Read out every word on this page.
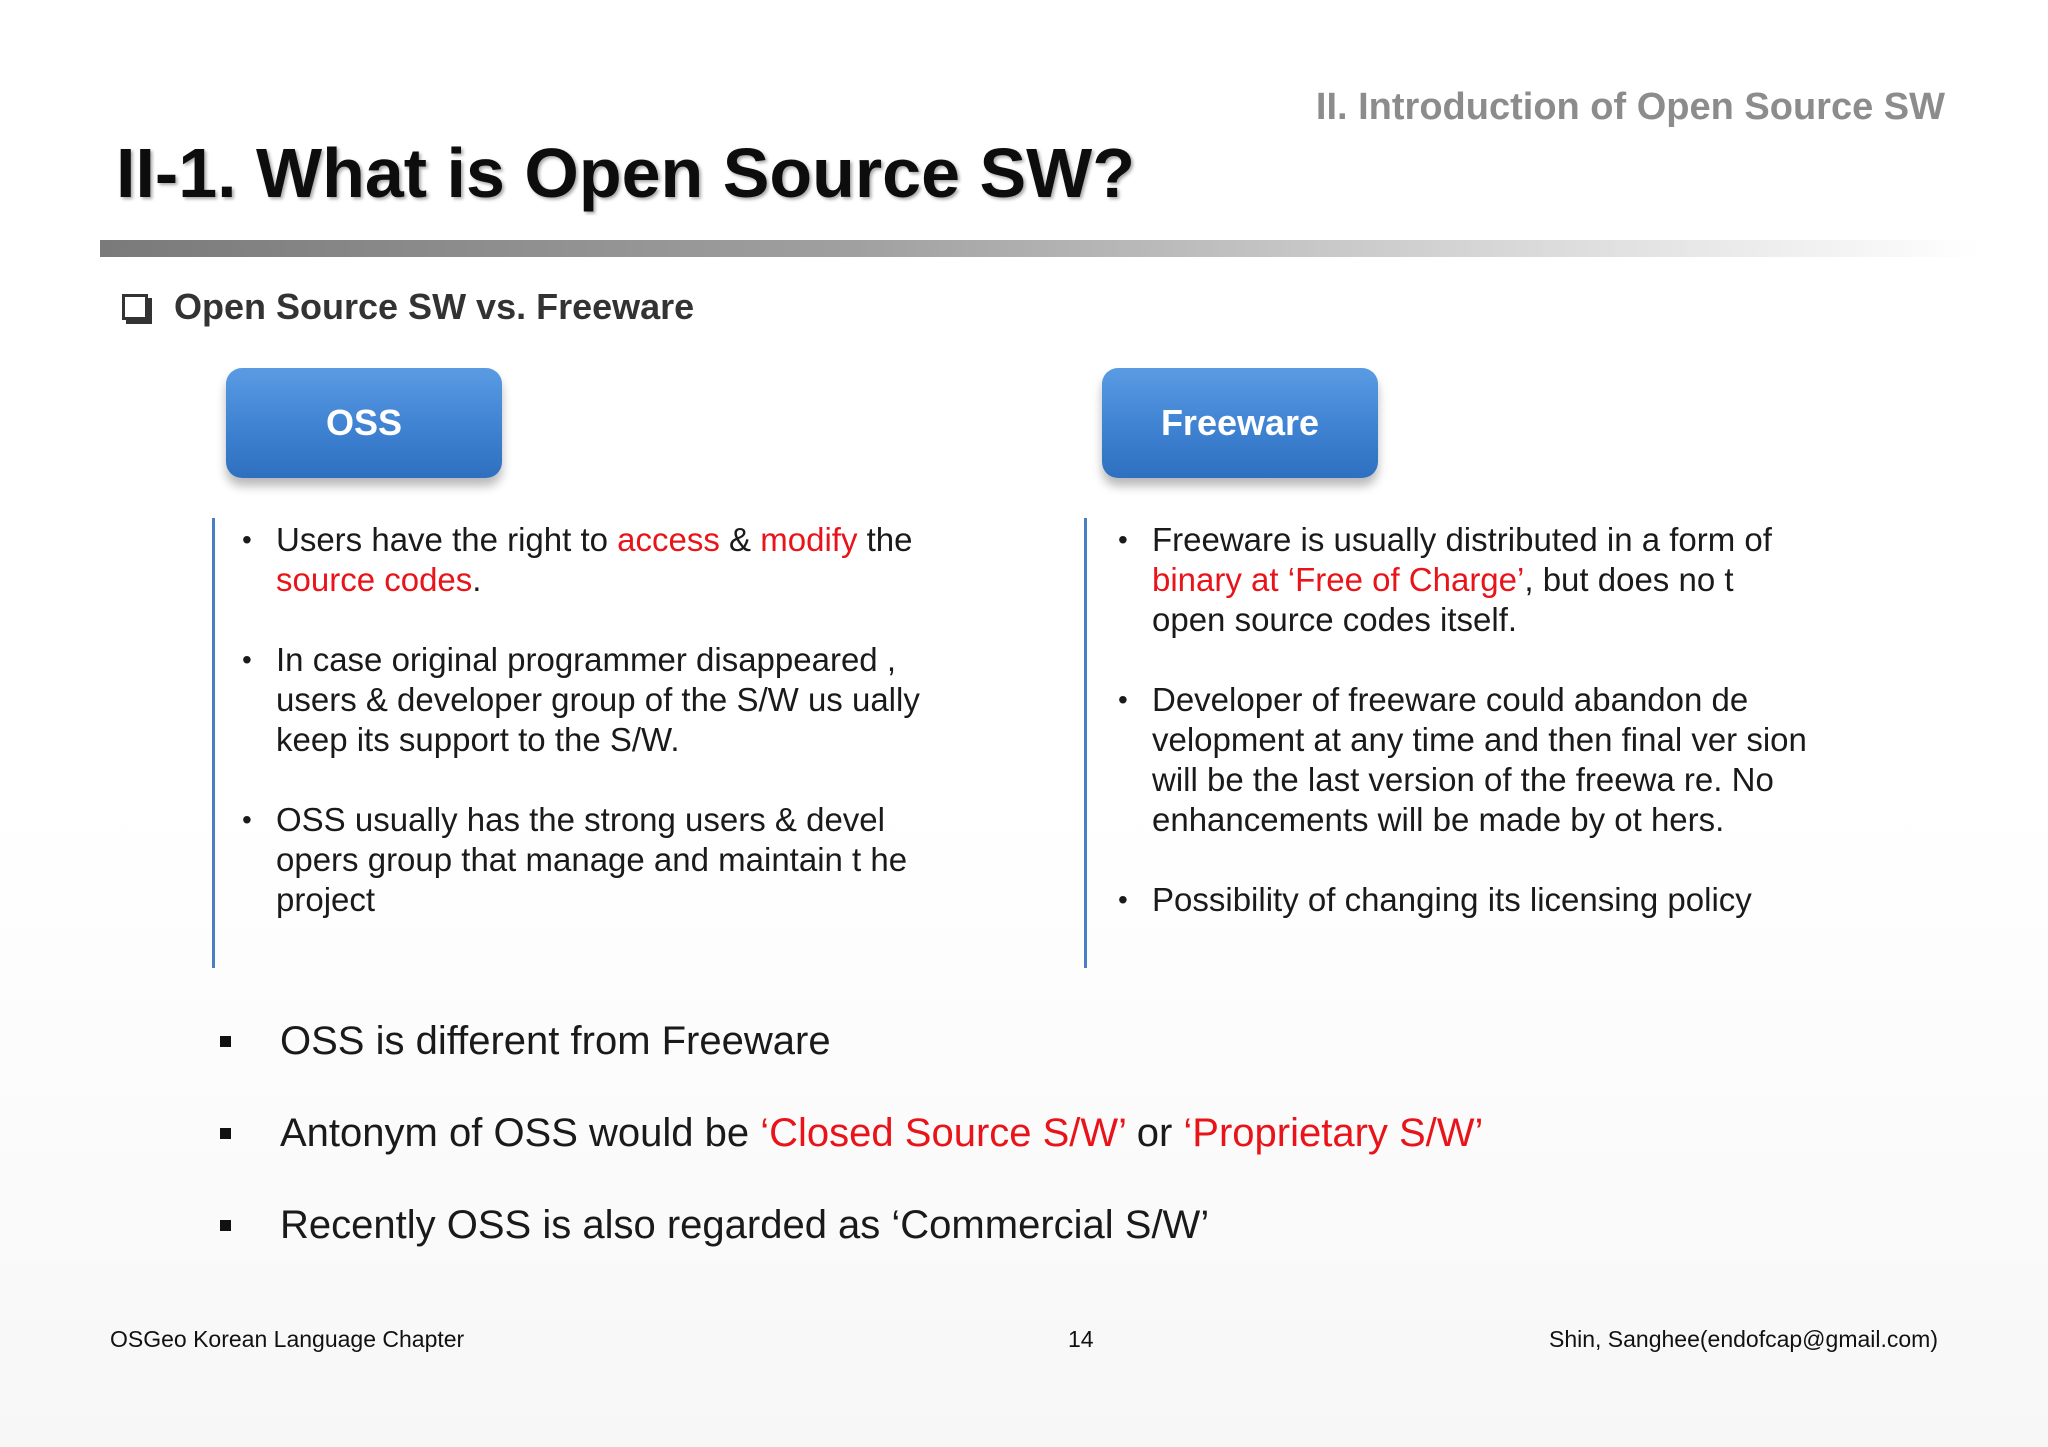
II. Introduction of Open Source SW
II-1. What is Open Source SW?
Open Source SW vs. Freeware
OSS	Freeware
• Users have the right to access & modify the source codes.
• In case original programmer disappeared , users & developer group of the S/W us ually keep its support to the S/W.
• OSS usually has the strong users & devel opers group that manage and maintain t he project
• Freeware is usually distributed in a form of binary at ‘Free of Charge’, but does no t open source codes itself.
• Developer of freeware could abandon de velopment at any time and then final ver sion will be the last version of the freewa re. No enhancements will be made by ot hers.
• Possibility of changing its licensing policy
OSS is different from Freeware
Antonym of OSS would be ‘Closed Source S/W’ or ‘Proprietary S/W’
Recently OSS is also regarded as ‘Commercial S/W’
OSGeo Korean Language Chapter	14	Shin, Sanghee(endofcap@gmail.com)
